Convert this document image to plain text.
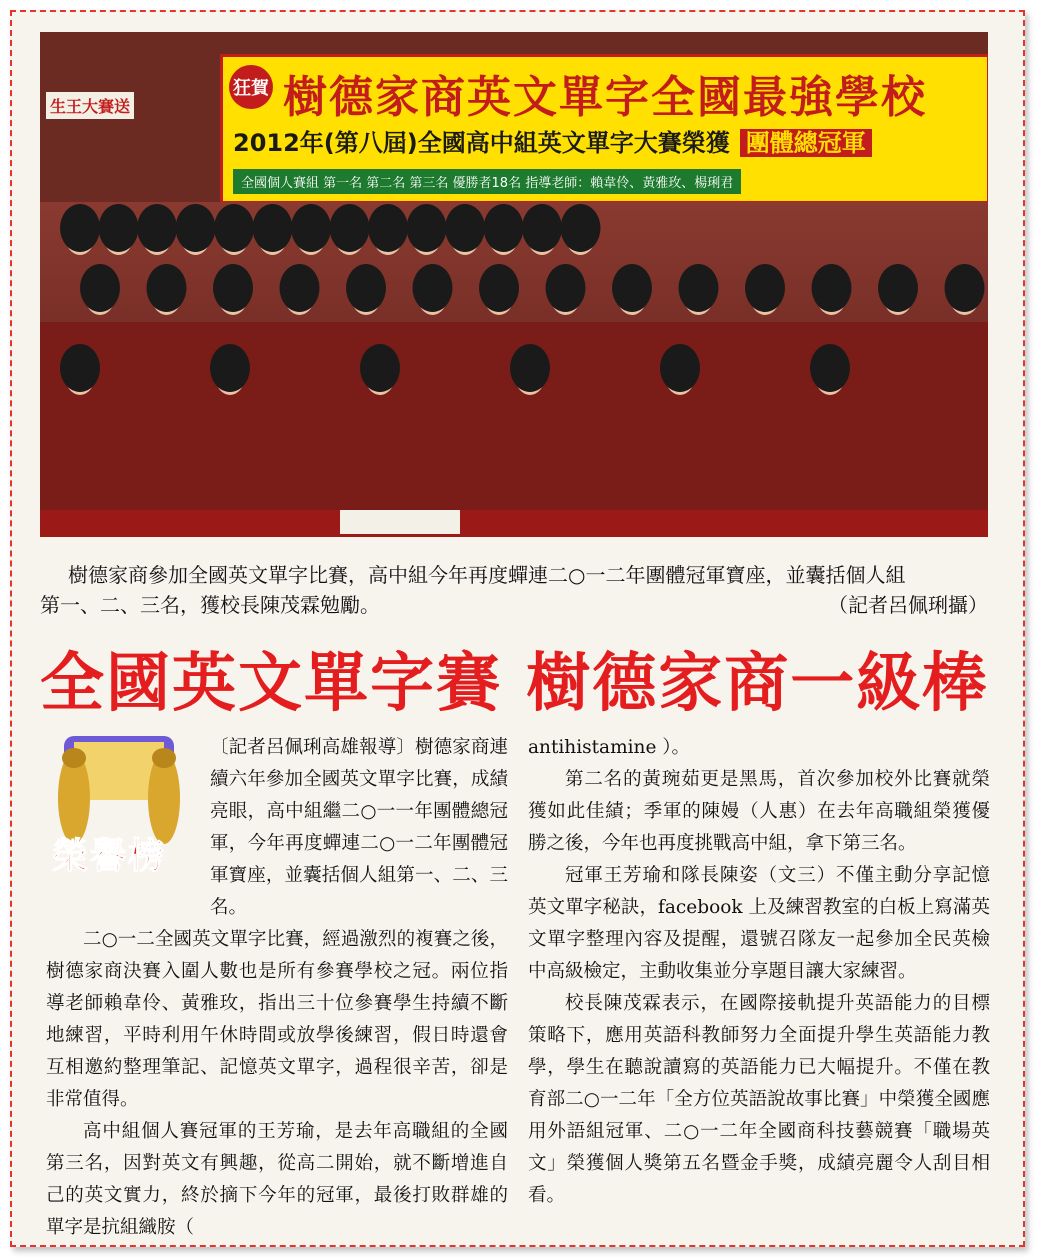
生王大賽送
狂賀 樹德家商英文單字全國最強學校
2012年(第八屆)全國高中組英文單字大賽榮獲 團體總冠軍
全國個人賽組 第一名 第二名 第三名 優勝者18名 指導老師：賴韋伶、黃雅玫、楊琍君

樹德家商參加全國英文單字比賽，高中組今年再度蟬連二○一二年團體冠軍寶座，並囊括個人組

第一、二、三名，獲校長陳茂霖勉勵。	（記者呂佩琍攝）
全國英文單字賽 樹德家商一級棒
榮譽榜

〔記者呂佩琍高雄報導〕樹德家商連續六年參加全國英文單字比賽，成績亮眼，高中組繼二○一一年團體總冠軍，今年再度蟬連二○一二年團體冠軍寶座，並囊括個人組第一、二、三名。

二○一二全國英文單字比賽，經過激烈的複賽之後，樹德家商決賽入圍人數也是所有參賽學校之冠。兩位指導老師賴韋伶、黃雅玫，指出三十位參賽學生持續不斷地練習，平時利用午休時間或放學後練習，假日時還會互相邀約整理筆記、記憶英文單字，過程很辛苦，卻是非常值得。

高中組個人賽冠軍的王芳瑜，是去年高職組的全國第三名，因對英文有興趣，從高二開始，就不斷增進自己的英文實力，終於摘下今年的冠軍，最後打敗群雄的單字是抗組織胺（

antihistamine ）。

第二名的黃琬茹更是黑馬，首次參加校外比賽就榮獲如此佳績；季軍的陳嫚（人惠）在去年高職組榮獲優勝之後，今年也再度挑戰高中組，拿下第三名。

冠軍王芳瑜和隊長陳姿（文三）不僅主動分享記憶英文單字秘訣，facebook 上及練習教室的白板上寫滿英文單字整理內容及提醒，還號召隊友一起參加全民英檢中高級檢定，主動收集並分享題目讓大家練習。

校長陳茂霖表示，在國際接軌提升英語能力的目標策略下，應用英語科教師努力全面提升學生英語能力教學，學生在聽說讀寫的英語能力已大幅提升。不僅在教育部二○一二年「全方位英語說故事比賽」中榮獲全國應用外語組冠軍、二○一二年全國商科技藝競賽「職場英文」榮獲個人獎第五名暨金手獎，成績亮麗令人刮目相看。
